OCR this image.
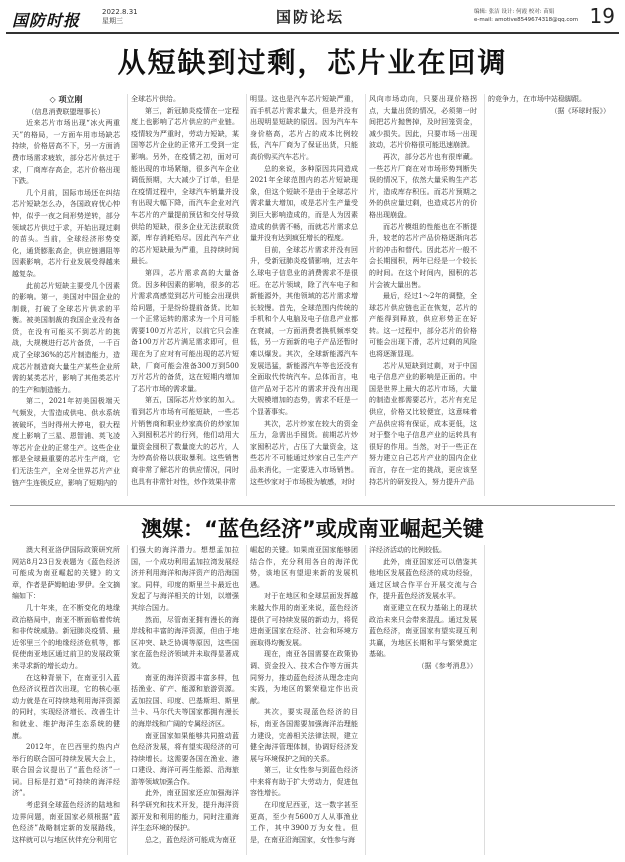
国防时报	2022.8.31
星期三	国防论坛	编辑: 张洁 设计: 何霞 校对: 苗娟
e-mail: amotive8549674318@qq.com 19
从短缺到过剩，芯片业在回调

◇ 项立刚
（信息消费联盟理事长）

近来芯片市场出现“冰火两重天”的格局，一方面车用市场缺芯持续，价格居高不下，另一方面消费市场需求疲软，部分芯片供过于求，厂商库存高企，芯片价格出现下跌。

几个月前，国际市场还在纠结芯片短缺怎么办，各国政府忧心忡忡，似乎一夜之间形势逆转，部分领域芯片供过于求，开始出现过剩的苗头。当前，全球经济形势变化，通货膨胀高企，供应链遇阻等因素影响，芯片行业发展受得越来越复杂。

此前芯片短缺主要受几个因素的影响。第一，美国对中国企业的制裁，打破了全球芯片供求的平衡。被美国制裁的我国企业没有备货，在没有可能买不到芯片的挑战，大规模进行芯片备货，一千百成了全球36%的芯片制造能力，造成芯片制造商大量生产某些企业所需的某类芯片，影响了其他类芯片的生产和制造能力。

第二，2021年初美国极端天气频发，大雪造成供电、供水系统被破坏，当时得州大停电，很大程度上影响了三星、恩智浦、英飞凌等芯片企业的正常生产。这些企业都是全球最重要的芯片生产商，它们无法生产，全对全世界芯片产业链产生连锁反应，影响了短期内的

全球芯片供给。

第三，新冠肺炎疫情在一定程度上也影响了芯片供应的产业链。疫情较为严重时，劳动力短缺，某国等芯片企业的正常开工受到一定影响。另外，在疫情之初，面对可能出现的市场紧缩，很多汽车企业调低预期，大大减少了订单，但是在疫情过程中，全球汽车销量并没有出现大幅下降，而汽车企业对汽车芯片的产量提前预估和交付导致供给的短缺，很多企业无法获取货源，库存消耗殆尽。因此汽车产业的芯片短缺最为严重，且持续时间最长。

第四，芯片需求高的大量备货。因多种因素的影响，很多的芯片需求高感觉到芯片可能会出现供给问题，于是纷纷提前备货。比如一个正常运转的需求为一个月可能需要100万片芯片，以前它只会准备100万片芯片满足需求即可，但现在为了应对有可能出现的芯片短缺，厂商可能会准备300万到500万片芯片的备货，这在短期内增加了芯片市场的需求量。

第五，国际芯片炒家的加入。看到芯片市场有可能短缺，一些芯片销售商和职业炒家高价的炒家加入到囤积芯片的行列，他们动用大量资金囤积了数量庞大的芯片，人为炒高价格以获取暴利。这些销售商非常了解芯片的供应情况，同时也具有非常针对性，炒作效果非常

明显。这也是汽车芯片短缺严重，而手机芯片需求量大，但是并没有出现明显短缺的原因。因为汽车车身价格高，芯片占的成本比例较低，汽车厂商为了保证出货，只能高价购买汽车芯片。

总的来说，多种原因共同造成2021年全球范围内的芯片短缺现象，但这个短缺不是由于全球芯片需求量大增加，或是芯片生产量受到巨大影响造成的，而是人为因素造成的供需不畅，而就芯片需求总量并没有达到疯狂增长的程度。

目前，全球芯片需求并没有回升，受新冠肺炎疫情影响，过去年么球电子信息业的消费需求不是很旺。在芯片领域，除了汽车电子和新能源外，其他领域的芯片需求增长较慢。首先，全球范围内传统的手机和个人电脑及电子信息产业都在衰减，一方面消费者换机频率变低，另一方面新的电子产品还暂时难以爆发。其次，全球新能源汽车发展迅猛，新能源汽车等也还没有全面取代传统汽车。总体而言，电信产品对于芯片的需求并没有出现大规模增加的态势，需求不旺是一个显著事实。

其次，芯片炒家在较大的资金压力，急需出手囤货。前期芯片炒家囤积芯片，占压了大量资金，这些芯片不可能通过炒家自己生产产品来消化，一定要进入市场销售。这些炒家对于市场极为敏感，对时

风向市场动向，只要出现价格拐点，大量出货的情况，必须第一时间把芯片抛售掉，及时回笼资金，减少损失。因此，只要市场一出现波动，芯片价格很可能迅速崩溃。

再次，部分芯片也有很库藏。一些芯片厂商在对市场形势判断失误的情况下，依然大量采购生产芯片，造成库存积压。而芯片预期之外的供应量过剩，也造成芯片的价格出现崩盘。

而芯片模组的性能也在不断提升，较老的芯片产品价格逐渐向芯片的冲击和替代。因此芯片一般不会长期囤积，两年已经是一个较长的时间。在这个时间内，囤积的芯片会被大量出售。

最后，经过1～2年的调整，全球芯片供应链也正在恢复，芯片的产能得到释放，供应形势正在好转。这一过程中，部分芯片的价格可能会出现下滑，芯片过剩的风险也将逐渐显现。

芯片从短缺到过剩，对于中国电子信息产业的影响是正面的。中国是世界上最大的芯片市场，大量的制造业都需要芯片，芯片有充足供应，价格又比较便宜，这意味着产品供应将有保证，成本更低，这对于整个电子信息产业的运转具有很好的作用。当然，对于一些正在努力建立自己芯片产业的国内企业而言，存在一定的挑战，更应该坚持芯片的研发投入，努力提升产品

的竞争力，在市场中站稳脚跟。

（据《环球时报》）

澳媒：“蓝色经济”或成南亚崛起关键

澳大利亚洛伊国际政策研究所网站8月23日发表题为《蓝色经济可能成为南亚崛起的关键》的文章，作者是萨姆帕迪·罗伊。全文摘编如下：

几十年来，在不断变化的地缘政治格局中，南亚不断面临着传统和非传统威胁。新冠肺炎疫情、最近邻里三个的地缘经济危机等，都促使南亚地区通过前卫的发展政策来寻求新的增长动力。

在这种背景下，在南亚引入蓝色经济议程首次出现，它的核心驱动力就是在可持续地利用海洋资源的同时，实现经济增长、改善生计和就业、维护海洋生态系统的健康。

2012年，在巴西里约热内卢举行的联合国可持续发展大会上，联合国会议提出了“蓝色经济”一词。目标是打造“可持续的海洋经济”。

考虑到全球蓝色经济的陆地和边界问题，南亚国家必须根据“蓝色经济”战略制定新的发展路线，这样就可以与地区伙伴充分利用它

们强大的海洋潜力。想想孟加拉国，一个成功利用孟加拉湾发展经济并利用海洋和海洋资产的沿海国家。同样，印度的斯里兰卡最近也发起了与海洋相关的计划，以增强其综合国力。

然而，尽管南亚拥有漫长的海岸线和丰富的海洋资源，但由于地区冲突、缺乏协调等原因，这些国家在蓝色经济领域并未取得显著成效。

南亚的海洋资源丰富多样，包括渔业、矿产、能源和旅游资源。孟加拉国、印度、巴基斯坦、斯里兰卡、马尔代夫等国家都拥有漫长的海岸线和广阔的专属经济区。

南亚国家如果能够共同推动蓝色经济发展，将有望实现经济的可持续增长。这需要各国在渔业、港口建设、海洋可再生能源、沿海旅游等领域加强合作。

此外，南亚国家还应加强海洋科学研究和技术开发，提升海洋资源开发和利用的能力，同时注重海洋生态环境的保护。

总之，蓝色经济可能成为南亚

崛起的关键。如果南亚国家能够团结合作，充分利用各自的海洋优势，该地区有望迎来新的发展机遇。

对于在地区和全球层面发挥越来越大作用的南亚来说，蓝色经济提供了可持续发展的新动力，将促进南亚国家在经济、社会和环境方面取得均衡发展。

现在，南亚各国需要在政策协调、资金投入、技术合作等方面共同努力，推动蓝色经济从理念走向实践，为地区的繁荣稳定作出贡献。

其次，要实现蓝色经济的目标，南亚各国需要加强海洋治理能力建设，完善相关法律法规，建立健全海洋管理体制，协调好经济发展与环境保护之间的关系。

第三，让女性参与到蓝色经济中来将有助于扩大劳动力，促进包容性增长。

在印度尼西亚，这一数字甚至更高，至少有5600万人从事渔业工作，其中3900万为女性。但是，在南亚沿海国家，女性参与海

洋经济活动的比例较低。

此外，南亚国家还可以借鉴其他地区发展蓝色经济的成功经验，通过区域合作平台开展交流与合作，提升蓝色经济发展水平。

南亚建立在权力基础上的现状政治未来只会带来混乱。通过发展蓝色经济，南亚国家有望实现互利共赢，为地区长期和平与繁荣奠定基础。

（据《参考消息》）
